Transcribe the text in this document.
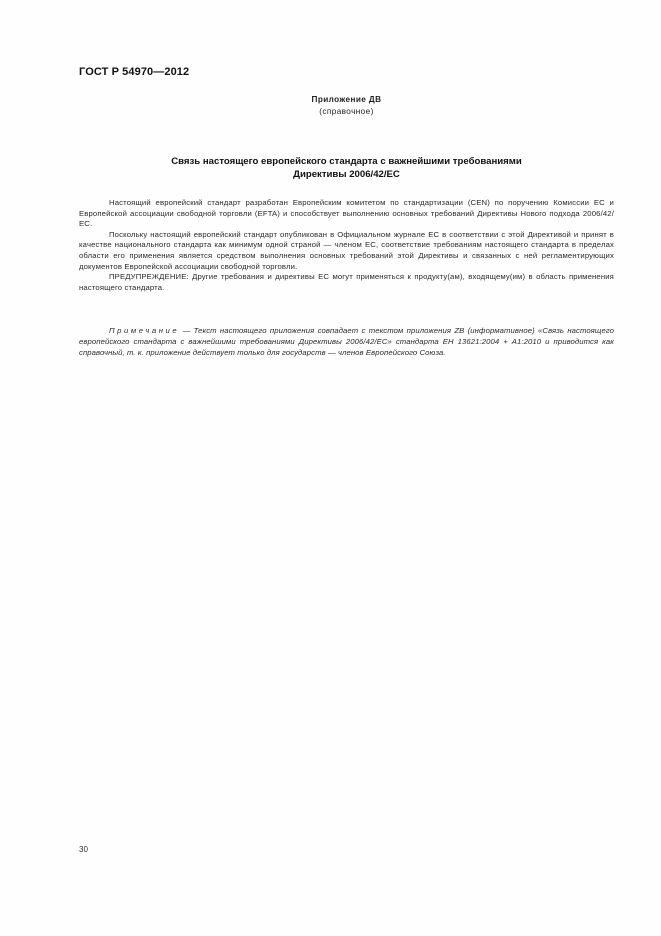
ГОСТ Р 54970—2012
Приложение ДВ
(справочное)
Связь настоящего европейского стандарта с важнейшими требованиями
Директивы 2006/42/ЕС

Настоящий европейский стандарт разработан Европейским комитетом по стандартизации (CEN) по поручению Комиссии ЕС и Европейской ассоциации свободной торговли (EFTA) и способствует выполнению основных требований Директивы Нового подхода 2006/42/ЕС.

Поскольку настоящий европейский стандарт опубликован в Официальном журнале ЕС в соответствии с этой Директивой и принят в качестве национального стандарта как минимум одной страной — членом ЕС, соответствие требованиям настоящего стандарта в пределах области его применения является средством выполнения основных требований этой Директивы и связанных с ней регламентирующих документов Европейской ассоциации свободной торговли.

ПРЕДУПРЕЖДЕНИЕ: Другие требования и директивы ЕС могут применяться к продукту(ам), входящему(им) в область применения настоящего стандарта.

Примечание — Текст настоящего приложения совпадает с текстом приложения ZB (информативное) «Связь настоящего европейского стандарта с важнейшими требованиями Директивы 2006/42/ЕС» стандарта ЕН 13621:2004 + А1:2010 и приводится как справочный, т. к. приложение действует только для государств — членов Европейского Союза.

30
